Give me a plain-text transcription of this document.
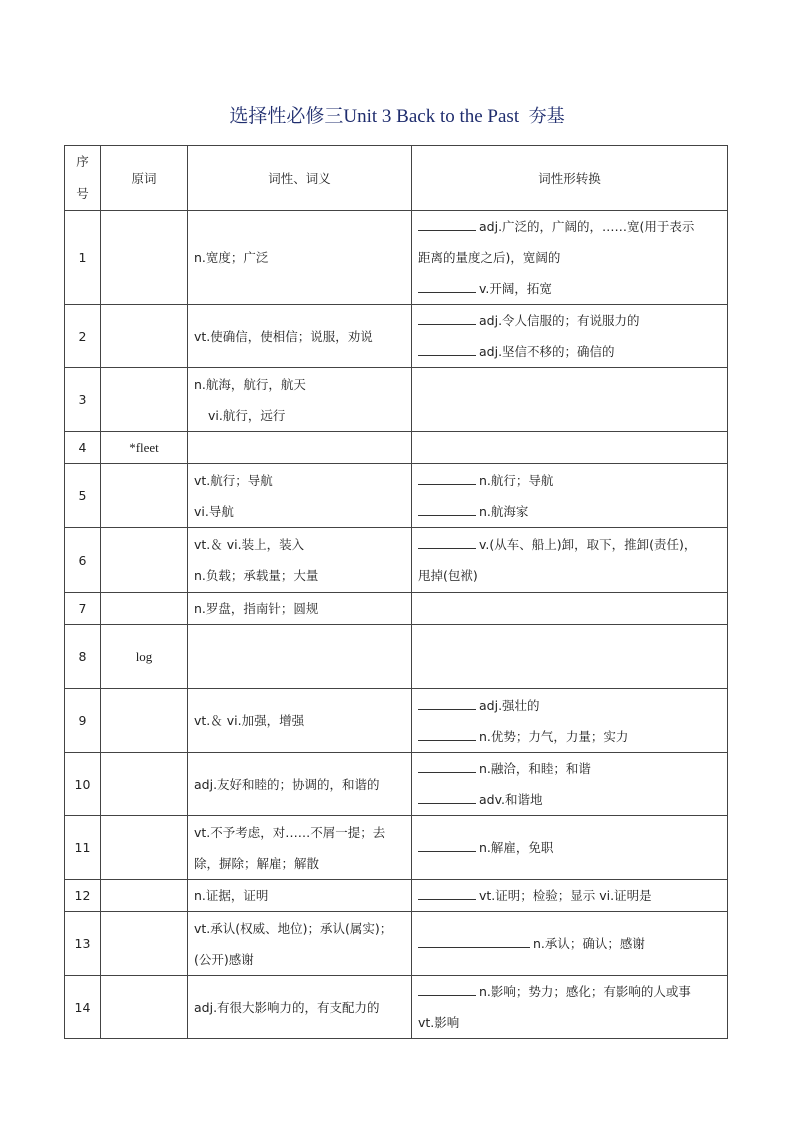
选择性必修三Unit 3 Back to the Past 夯基
序
号	原词	词性、词义	词性形转换
1		n.宽度；广泛	adj.广泛的，广阔的，……宽(用于表示
距离的量度之后)，宽阔的
v.开阔，拓宽

2		vt.使确信，使相信；说服，劝说	adj.令人信服的；有说服力的
adj.坚信不移的；确信的

3		n.航海，航行，航天
vi.航行，远行	

4	*fleet		
5		vt.航行；导航
vi.导航	n.航行；导航
n.航海家

6		vt.＆ vi.装上，装入
n.负载；承载量；大量	v.(从车、船上)卸，取下，推卸(责任)，
甩掉(包袱)

7		n.罗盘，指南针；圆规	

8	log		
9		vt.＆ vi.加强，增强	adj.强壮的
n.优势；力气，力量；实力

10		adj.友好和睦的；协调的，和谐的	n.融洽，和睦；和谐
adv.和谐地

11		vt.不予考虑，对……不屑一提；去
除，摒除；解雇；解散	n.解雇，免职

12		n.证据，证明	vt.证明；检验；显示 vi.证明是

13		vt.承认(权威、地位)；承认(属实)；
(公开)感谢	n.承认；确认；感谢

14		adj.有很大影响力的，有支配力的	n.影响；势力；感化；有影响的人或事
vt.影响
